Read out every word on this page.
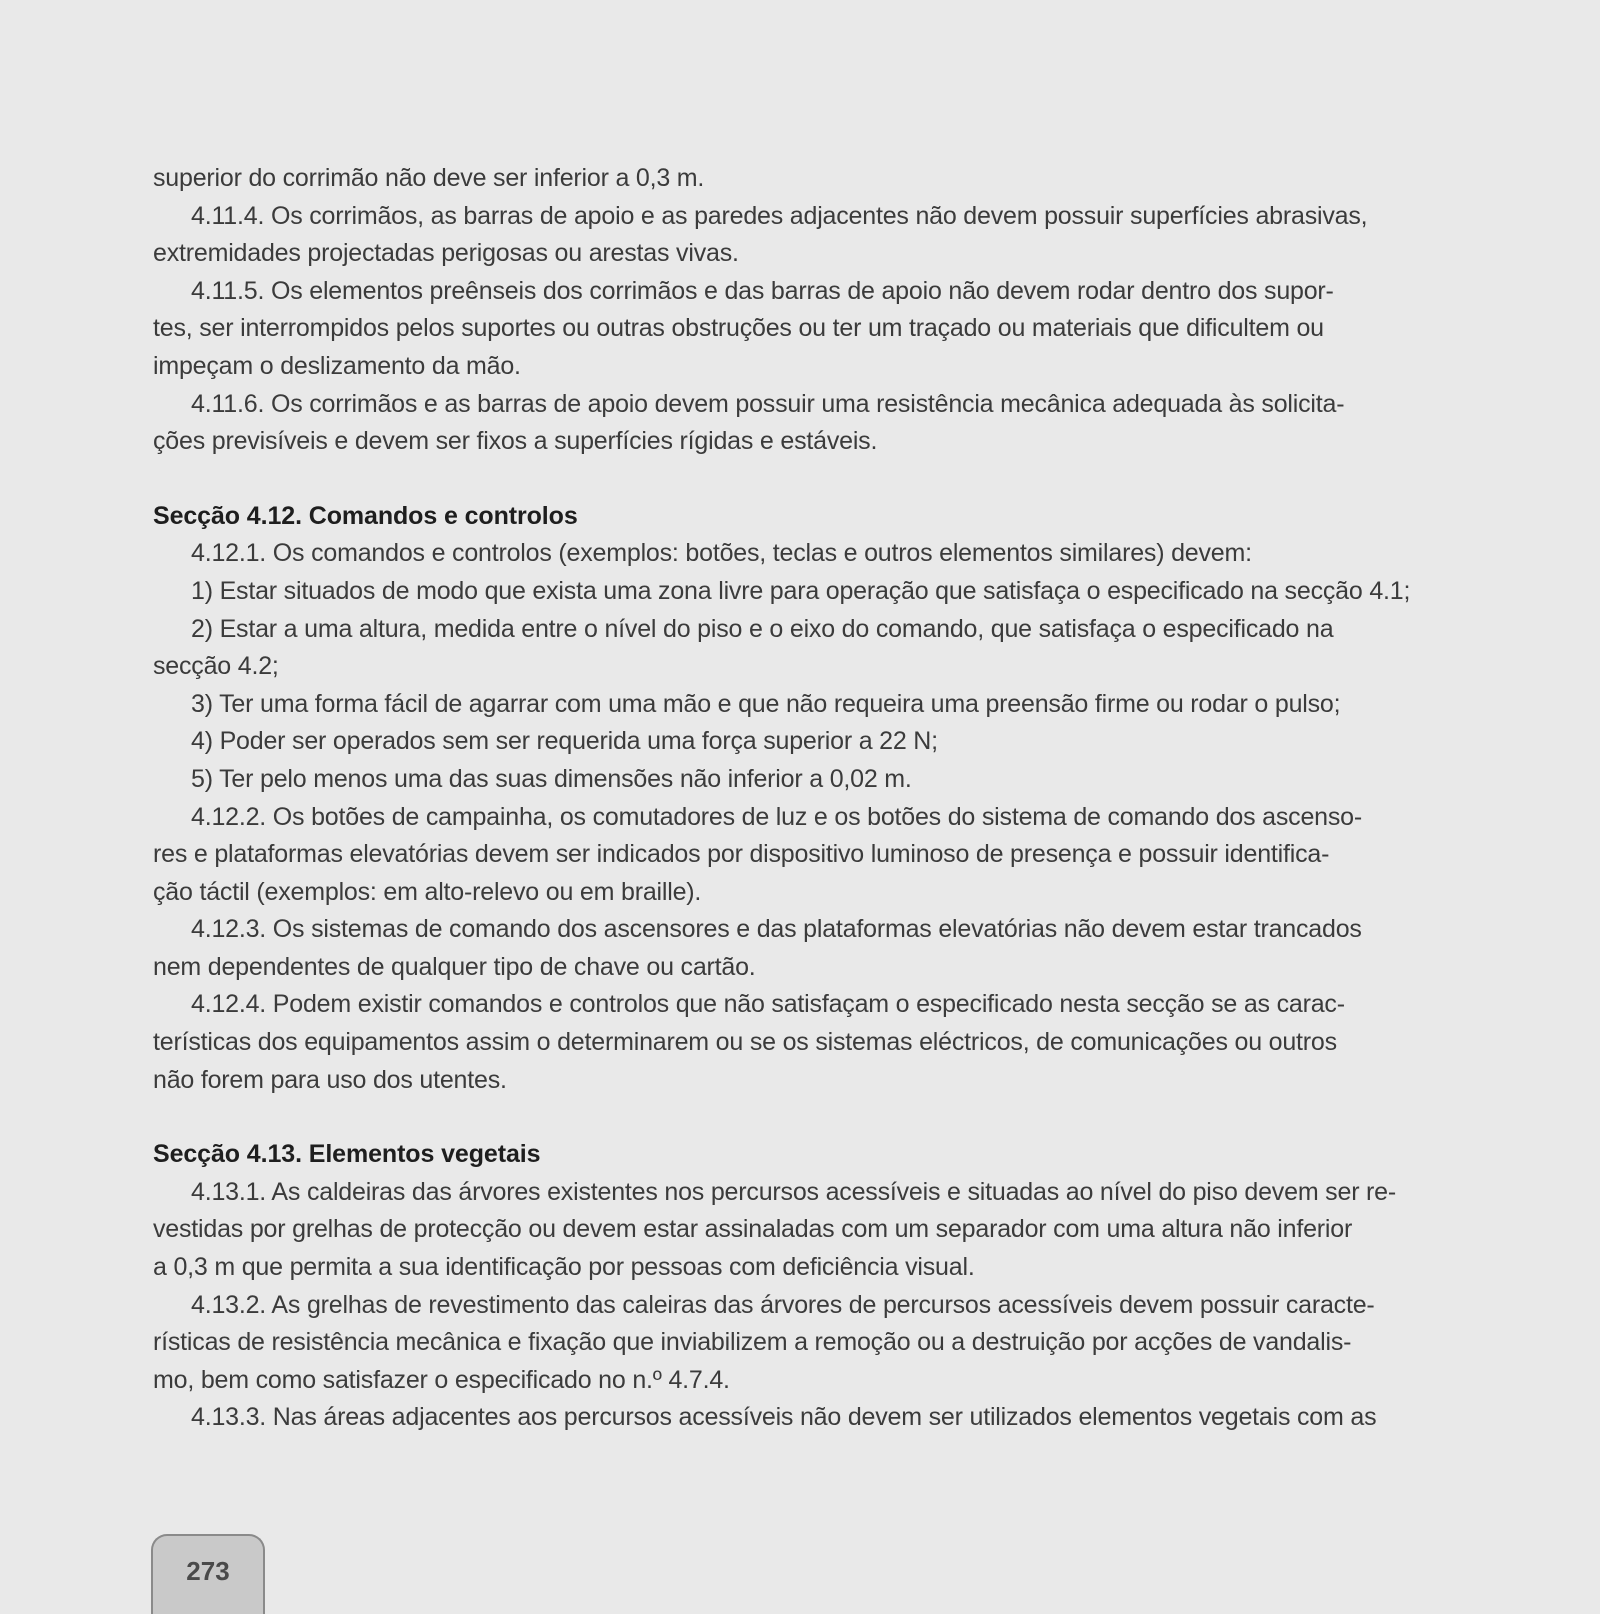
superior do corrimão não deve ser inferior a 0,3 m.
4.11.4. Os corrimãos, as barras de apoio e as paredes adjacentes não devem possuir superfícies abrasivas,
extremidades projectadas perigosas ou arestas vivas.
4.11.5. Os elementos preênseis dos corrimãos e das barras de apoio não devem rodar dentro dos supor-
tes, ser interrompidos pelos suportes ou outras obstruções ou ter um traçado ou materiais que dificultem ou
impeçam o deslizamento da mão.
4.11.6. Os corrimãos e as barras de apoio devem possuir uma resistência mecânica adequada às solicita-
ções previsíveis e devem ser fixos a superfícies rígidas e estáveis.
Secção 4.12. Comandos e controlos
4.12.1. Os comandos e controlos (exemplos: botões, teclas e outros elementos similares) devem:
1) Estar situados de modo que exista uma zona livre para operação que satisfaça o especificado na secção 4.1;
2) Estar a uma altura, medida entre o nível do piso e o eixo do comando, que satisfaça o especificado na
secção 4.2;
3) Ter uma forma fácil de agarrar com uma mão e que não requeira uma preensão firme ou rodar o pulso;
4) Poder ser operados sem ser requerida uma força superior a 22 N;
5) Ter pelo menos uma das suas dimensões não inferior a 0,02 m.
4.12.2. Os botões de campainha, os comutadores de luz e os botões do sistema de comando dos ascenso-
res e plataformas elevatórias devem ser indicados por dispositivo luminoso de presença e possuir identifica-
ção táctil (exemplos: em alto-relevo ou em braille).
4.12.3. Os sistemas de comando dos ascensores e das plataformas elevatórias não devem estar trancados
nem dependentes de qualquer tipo de chave ou cartão.
4.12.4. Podem existir comandos e controlos que não satisfaçam o especificado nesta secção se as carac-
terísticas dos equipamentos assim o determinarem ou se os sistemas eléctricos, de comunicações ou outros
não forem para uso dos utentes.
Secção 4.13. Elementos vegetais
4.13.1. As caldeiras das árvores existentes nos percursos acessíveis e situadas ao nível do piso devem ser re-
vestidas por grelhas de protecção ou devem estar assinaladas com um separador com uma altura não inferior
a 0,3 m que permita a sua identificação por pessoas com deficiência visual.
4.13.2. As grelhas de revestimento das caleiras das árvores de percursos acessíveis devem possuir caracte-
rísticas de resistência mecânica e fixação que inviabilizem a remoção ou a destruição por acções de vandalis-
mo, bem como satisfazer o especificado no n.º 4.7.4.
4.13.3. Nas áreas adjacentes aos percursos acessíveis não devem ser utilizados elementos vegetais com as
273
